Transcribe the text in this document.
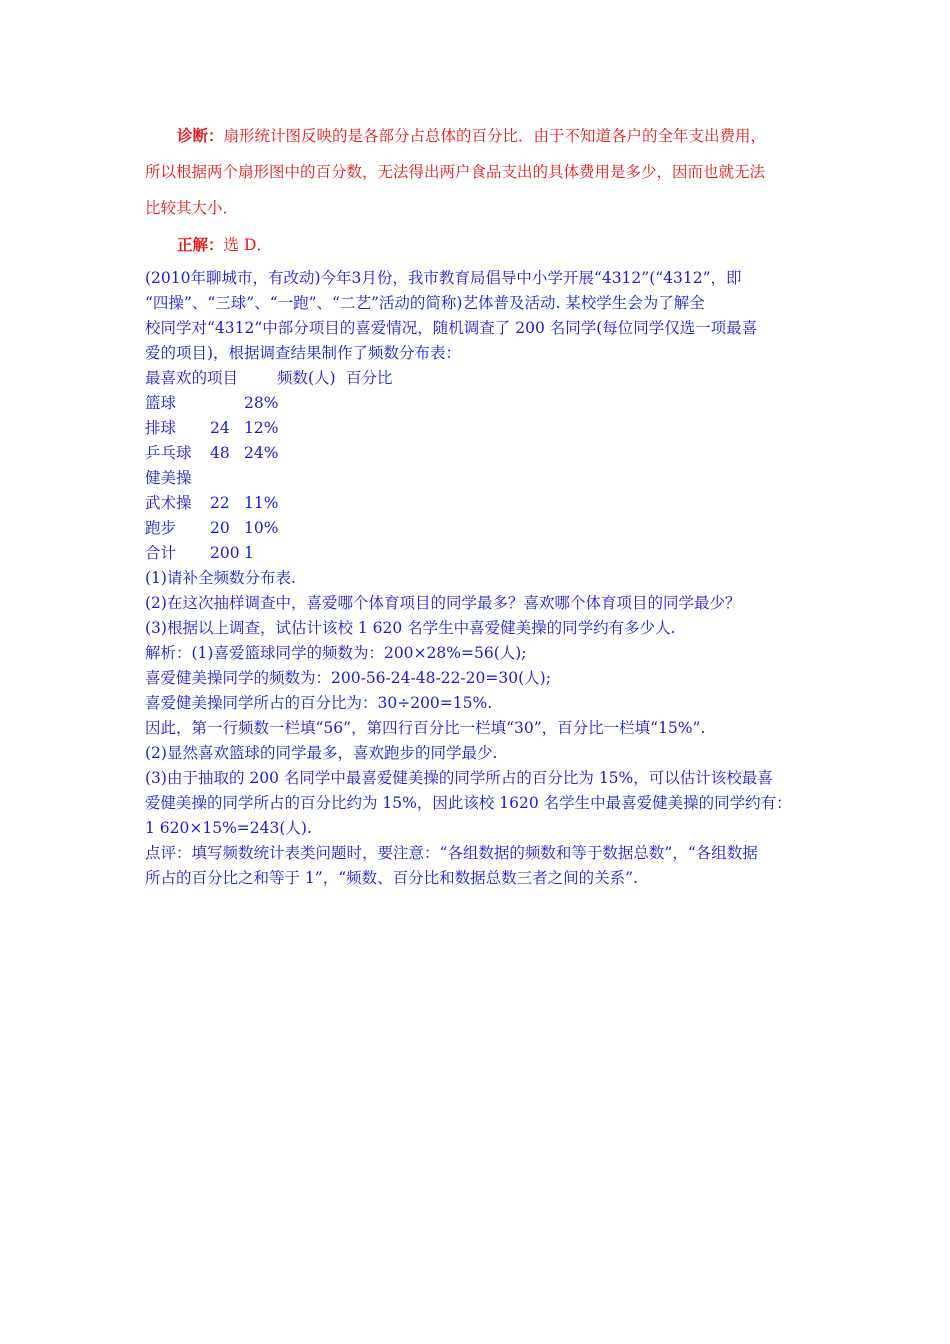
诊断：扇形统计图反映的是各部分占总体的百分比．由于不知道各户的全年支出费用，

所以根据两个扇形图中的百分数，无法得出两户食品支出的具体费用是多少，因而也就无法

比较其大小．

正解：选 D．

(2010年聊城市，有改动)今年3月份，我市教育局倡导中小学开展“4312”(“4312”，即

“四操”、“三球”、“一跑”、“二艺”活动的简称)艺体普及活动. 某校学生会为了解全

校同学对“4312”中部分项目的喜爱情况，随机调查了 200 名同学(每位同学仅选一项最喜

爱的项目)，根据调查结果制作了频数分布表：

最喜欢的项目	频数(人) 百分比
篮球	28%
排球 24 12%
乒乓球 48 24%
健美操
武术操 22 11%
跑步 20 10%
合计 200 1

(1)请补全频数分布表.

(2)在这次抽样调查中，喜爱哪个体育项目的同学最多？喜欢哪个体育项目的同学最少？

(3)根据以上调查，试估计该校 1 620 名学生中喜爱健美操的同学约有多少人.

解析：(1)喜爱篮球同学的频数为：200×28%=56(人);

喜爱健美操同学的频数为：200-56-24-48-22-20=30(人);

喜爱健美操同学所占的百分比为：30÷200=15%.

因此，第一行频数一栏填“56”，第四行百分比一栏填“30”，百分比一栏填“15%”.

(2)显然喜欢篮球的同学最多，喜欢跑步的同学最少.

(3)由于抽取的 200 名同学中最喜爱健美操的同学所占的百分比为 15%，可以估计该校最喜

爱健美操的同学所占的百分比约为 15%，因此该校 1620 名学生中最喜爱健美操的同学约有：

1 620×15%=243(人).

点评：填写频数统计表类问题时，要注意：“各组数据的频数和等于数据总数”，“各组数据

所占的百分比之和等于 1”，“频数、百分比和数据总数三者之间的关系”.
